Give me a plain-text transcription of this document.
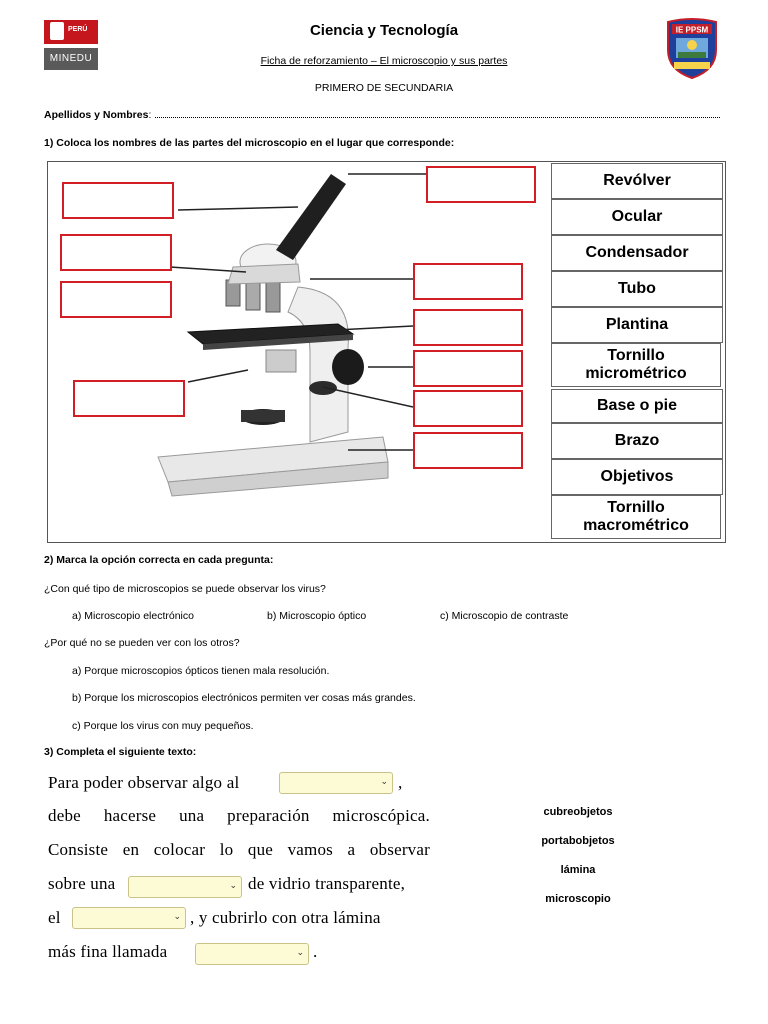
PERÚ
MINEDU
IE PPSM
Ciencia y Tecnología
Ficha de reforzamiento – El microscopio y sus partes
PRIMERO DE SECUNDARIA
Apellidos y Nombres :
1) Coloca los nombres de las partes del microscopio en el lugar que corresponde:
Revólver
Ocular
Condensador
Tubo
Plantina
Tornillo micrométrico
Base o pie
Brazo
Objetivos
Tornillo macrométrico
2) Marca la opción correcta en cada pregunta:
¿Con qué tipo de microscopios se puede observar los virus?
a) Microscopio electrónico	b) Microscopio óptico	c) Microscopio de contraste
¿Por qué no se pueden ver con los otros?
a) Porque microscopios ópticos tienen mala resolución.
b) Porque los microscopios electrónicos permiten ver cosas más grandes.
c) Porque los virus con muy pequeños.
3) Completa el siguiente texto:
Para poder observar algo al	⌄ ,
debe hacerse una preparación microscópica.
Consiste en colocar lo que vamos a observar
sobre una	⌄ de vidrio transparente,
el	⌄ , y cubrirlo con otra lámina
más fina llamada	⌄ .
cubreobjetos
portabobjetos
lámina
microscopio
